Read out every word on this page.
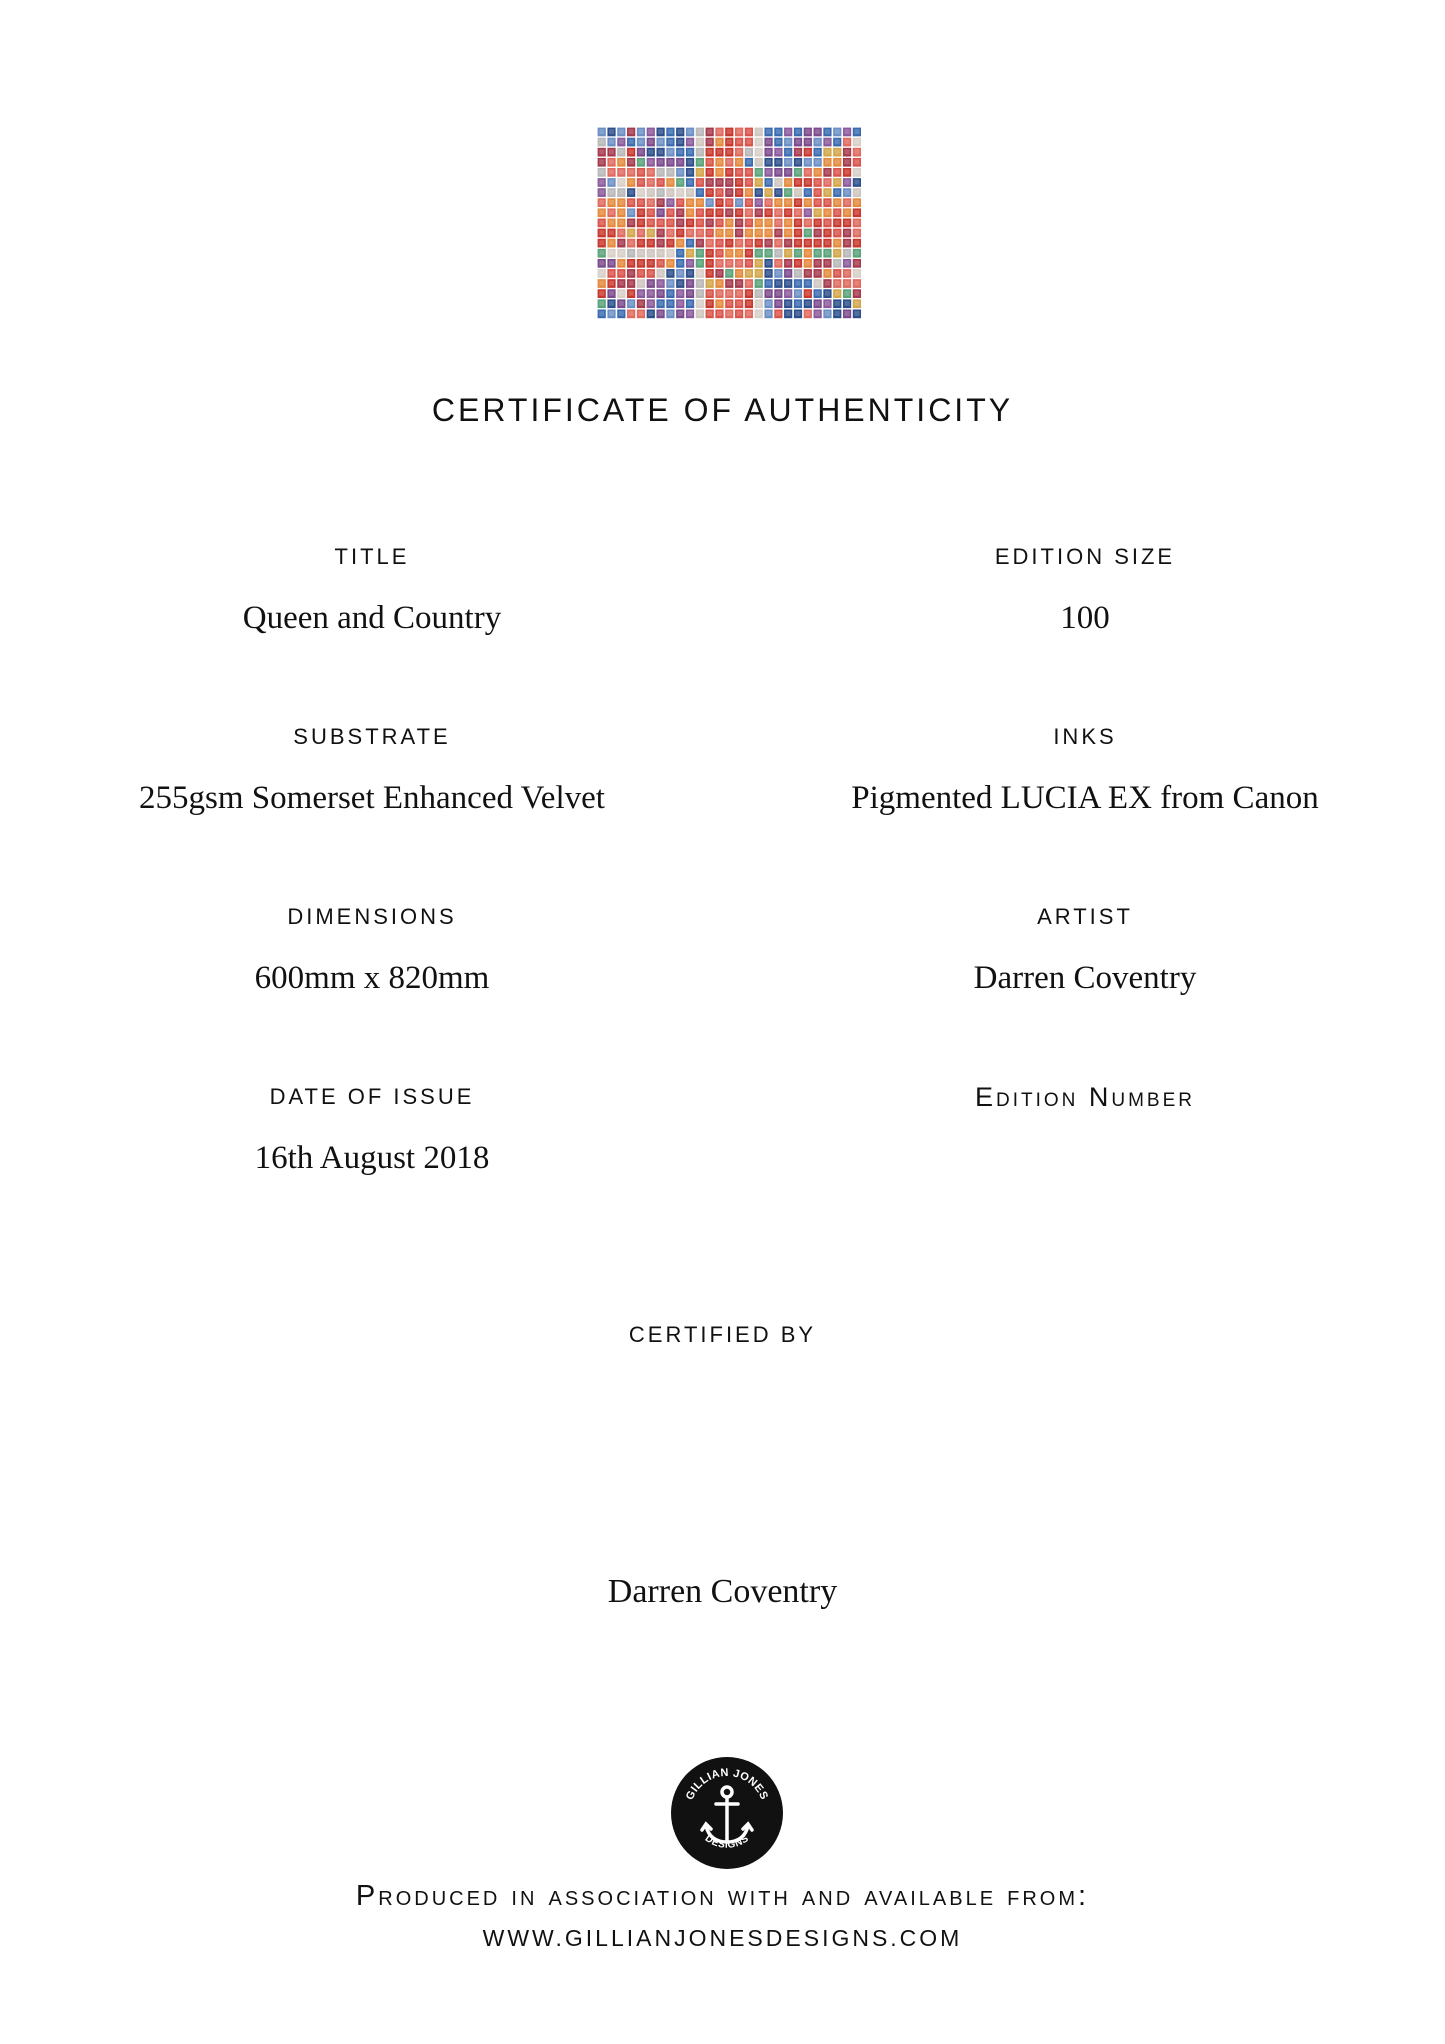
CERTIFICATE OF AUTHENTICITY
TITLE
Queen and Country
EDITION SIZE
100
SUBSTRATE
255gsm Somerset Enhanced Velvet
INKS
Pigmented LUCIA EX from Canon
DIMENSIONS
600mm x 820mm
ARTIST
Darren Coventry
DATE OF ISSUE
16th August 2018
Edition Number
CERTIFIED BY
Darren Coventry
GILLIAN JONES
DESIGNS
Produced in association with and available from:
WWW.GILLIANJONESDESIGNS.COM
